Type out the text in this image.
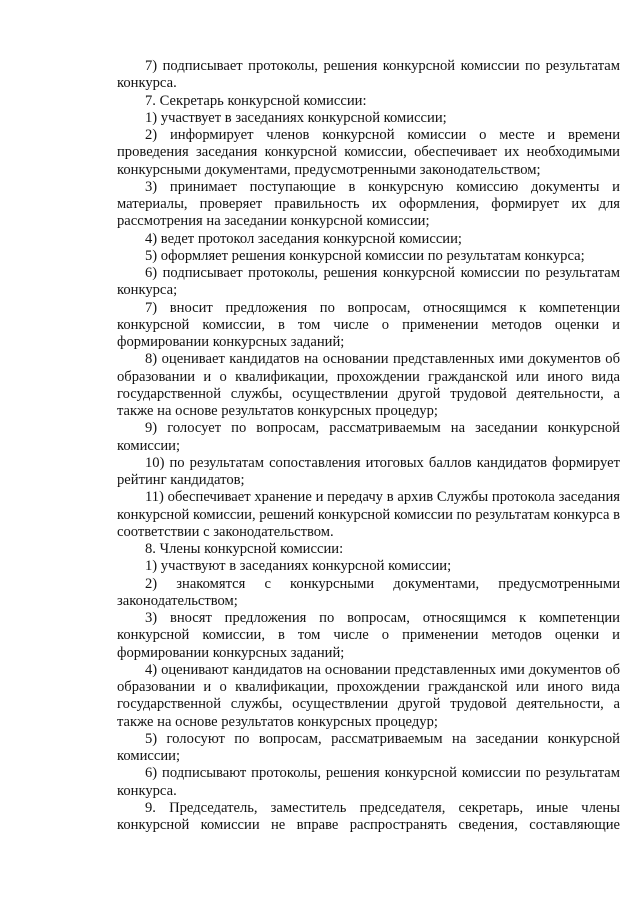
7) подписывает протоколы, решения конкурсной комиссии по результатам конкурса.

7. Секретарь конкурсной комиссии:

1) участвует в заседаниях конкурсной комиссии;

2) информирует членов конкурсной комиссии о месте и времени проведения заседания конкурсной комиссии, обеспечивает их необходимыми конкурсными документами, предусмотренными законодательством;

3) принимает поступающие в конкурсную комиссию документы и материалы, проверяет правильность их оформления, формирует их для рассмотрения на заседании конкурсной комиссии;

4) ведет протокол заседания конкурсной комиссии;

5) оформляет решения конкурсной комиссии по результатам конкурса;

6) подписывает протоколы, решения конкурсной комиссии по результатам конкурса;

7) вносит предложения по вопросам, относящимся к компетенции конкурсной комиссии, в том числе о применении методов оценки и формировании конкурсных заданий;

8) оценивает кандидатов на основании представленных ими документов об образовании и о квалификации, прохождении гражданской или иного вида государственной службы, осуществлении другой трудовой деятельности, а также на основе результатов конкурсных процедур;

9) голосует по вопросам, рассматриваемым на заседании конкурсной комиссии;

10) по результатам сопоставления итоговых баллов кандидатов формирует рейтинг кандидатов;

11) обеспечивает хранение и передачу в архив Службы протокола заседания конкурсной комиссии, решений конкурсной комиссии по результатам конкурса в соответствии с законодательством.

8. Члены конкурсной комиссии:

1) участвуют в заседаниях конкурсной комиссии;

2) знакомятся с конкурсными документами, предусмотренными законодательством;

3) вносят предложения по вопросам, относящимся к компетенции конкурсной комиссии, в том числе о применении методов оценки и формировании конкурсных заданий;

4) оценивают кандидатов на основании представленных ими документов об образовании и о квалификации, прохождении гражданской или иного вида государственной службы, осуществлении другой трудовой деятельности, а также на основе результатов конкурсных процедур;

5) голосуют по вопросам, рассматриваемым на заседании конкурсной комиссии;

6) подписывают протоколы, решения конкурсной комиссии по результатам конкурса.

9. Председатель, заместитель председателя, секретарь, иные члены конкурсной комиссии не вправе распространять сведения, составляющие
